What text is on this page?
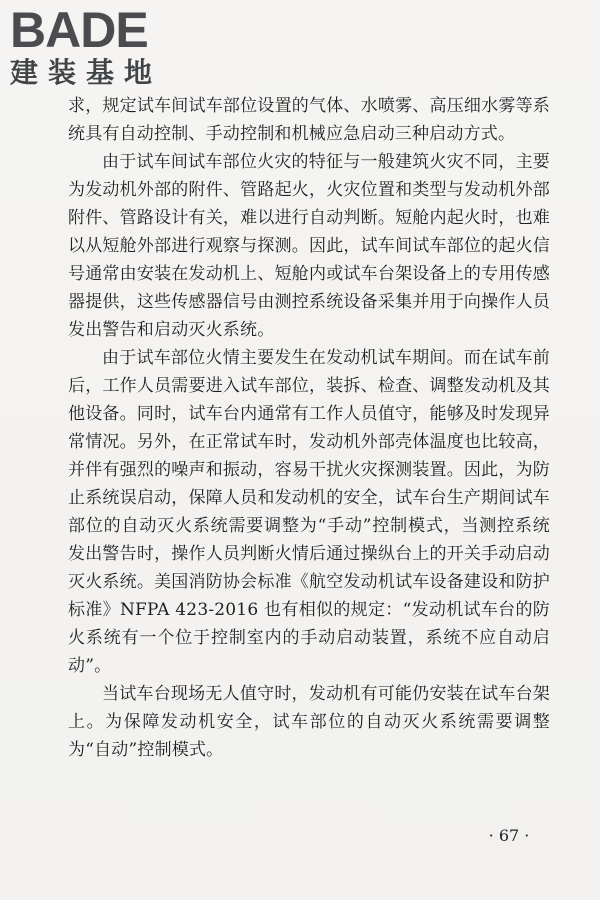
BADE
建装基地

求，规定试车间试车部位设置的气体、水喷雾、高压细水雾等系统具有自动控制、手动控制和机械应急启动三种启动方式。

由于试车间试车部位火灾的特征与一般建筑火灾不同，主要为发动机外部的附件、管路起火，火灾位置和类型与发动机外部附件、管路设计有关，难以进行自动判断。短舱内起火时，也难以从短舱外部进行观察与探测。因此，试车间试车部位的起火信号通常由安装在发动机上、短舱内或试车台架设备上的专用传感器提供，这些传感器信号由测控系统设备采集并用于向操作人员发出警告和启动灭火系统。

由于试车部位火情主要发生在发动机试车期间。而在试车前后，工作人员需要进入试车部位，装拆、检查、调整发动机及其他设备。同时，试车台内通常有工作人员值守，能够及时发现异常情况。另外，在正常试车时，发动机外部壳体温度也比较高，并伴有强烈的噪声和振动，容易干扰火灾探测装置。因此，为防止系统误启动，保障人员和发动机的安全，试车台生产期间试车部位的自动灭火系统需要调整为“手动”控制模式，当测控系统发出警告时，操作人员判断火情后通过操纵台上的开关手动启动灭火系统。美国消防协会标准《航空发动机试车设备建设和防护标准》NFPA 423-2016 也有相似的规定：“发动机试车台的防火系统有一个位于控制室内的手动启动装置，系统不应自动启动”。

当试车台现场无人值守时，发动机有可能仍安装在试车台架上。为保障发动机安全，试车部位的自动灭火系统需要调整为“自动”控制模式。

· 67 ·
